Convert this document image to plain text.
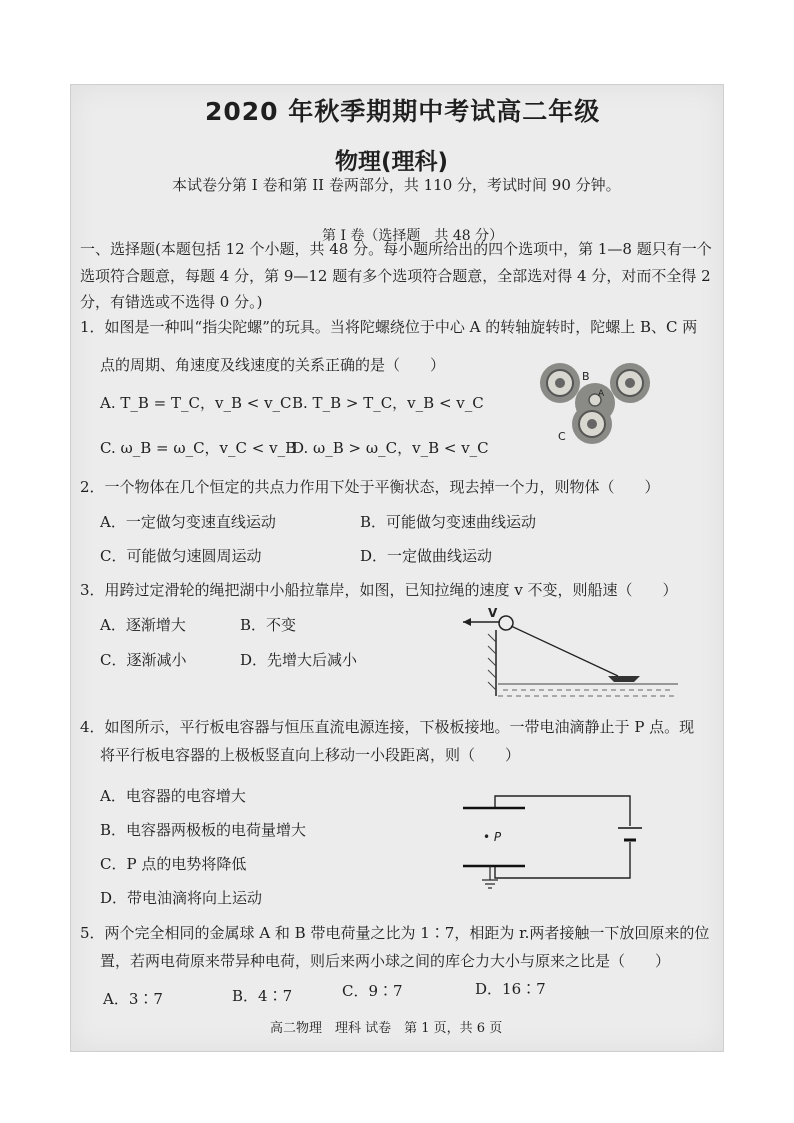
2020 年秋季期期中考试高二年级
物理(理科)
本试卷分第 I 卷和第 II 卷两部分，共 110 分，考试时间 90 分钟。
第 I 卷（选择题　共 48 分）
一、选择题(本题包括 12 个小题，共 48 分。每小题所给出的四个选项中，第 1—8 题只有一个选项符合题意，每题 4 分，第 9—12 题有多个选项符合题意，全部选对得 4 分，对而不全得 2 分，有错选或不选得 0 分。)
1．如图是一种叫“指尖陀螺”的玩具。当将陀螺绕位于中心 A 的转轴旋转时，陀螺上 B、C 两
点的周期、角速度及线速度的关系正确的是（　　）
A. T_B = T_C，v_B < v_C B. T_B > T_C，v_B < v_C
C. ω_B = ω_C，v_C < v_B
D. ω_B > ω_C，v_B < v_C
B
A
C
2．一个物体在几个恒定的共点力作用下处于平衡状态，现去掉一个力，则物体（　　）
A．一定做匀变速直线运动	B．可能做匀变速曲线运动
C．可能做匀速圆周运动	D．一定做曲线运动
3．用跨过定滑轮的绳把湖中小船拉靠岸，如图，已知拉绳的速度 v 不变，则船速（　　）
A．逐渐增大	B．不变
C．逐渐减小	D．先增大后减小
V
4．如图所示，平行板电容器与恒压直流电源连接，下极板接地。一带电油滴静止于 P 点。现
将平行板电容器的上极板竖直向上移动一小段距离，则（　　）
A．电容器的电容增大
B．电容器两极板的电荷量增大
C．P 点的电势将降低
D．带电油滴将向上运动
• P
5．两个完全相同的金属球 A 和 B 带电荷量之比为 1∶7，相距为 r.两者接触一下放回原来的位
置，若两电荷原来带异种电荷，则后来两小球之间的库仑力大小与原来之比是（　　）
A．3∶7	B．4∶7	C．9∶7	D．16∶7
高二物理　理科 试卷　第 1 页，共 6 页
